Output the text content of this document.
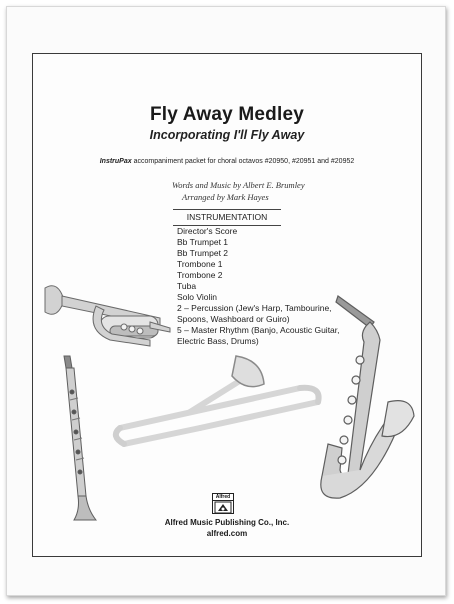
Fly Away Medley
Incorporating I'll Fly Away
InstruPax accompaniment packet for choral octavos #20950, #20951 and #20952
Words and Music by Albert E. Brumley
Arranged by Mark Hayes
INSTRUMENTATION
Director's Score
Bb Trumpet 1
Bb Trumpet 2
Trombone 1
Trombone 2
Tuba
Solo Violin
2 – Percussion (Jew's Harp, Tambourine, Spoons, Washboard or Guiro)
5 – Master Rhythm (Banjo, Acoustic Guitar, Electric Bass, Drums)
Alfred
Alfred Music Publishing Co., Inc.
alfred.com
